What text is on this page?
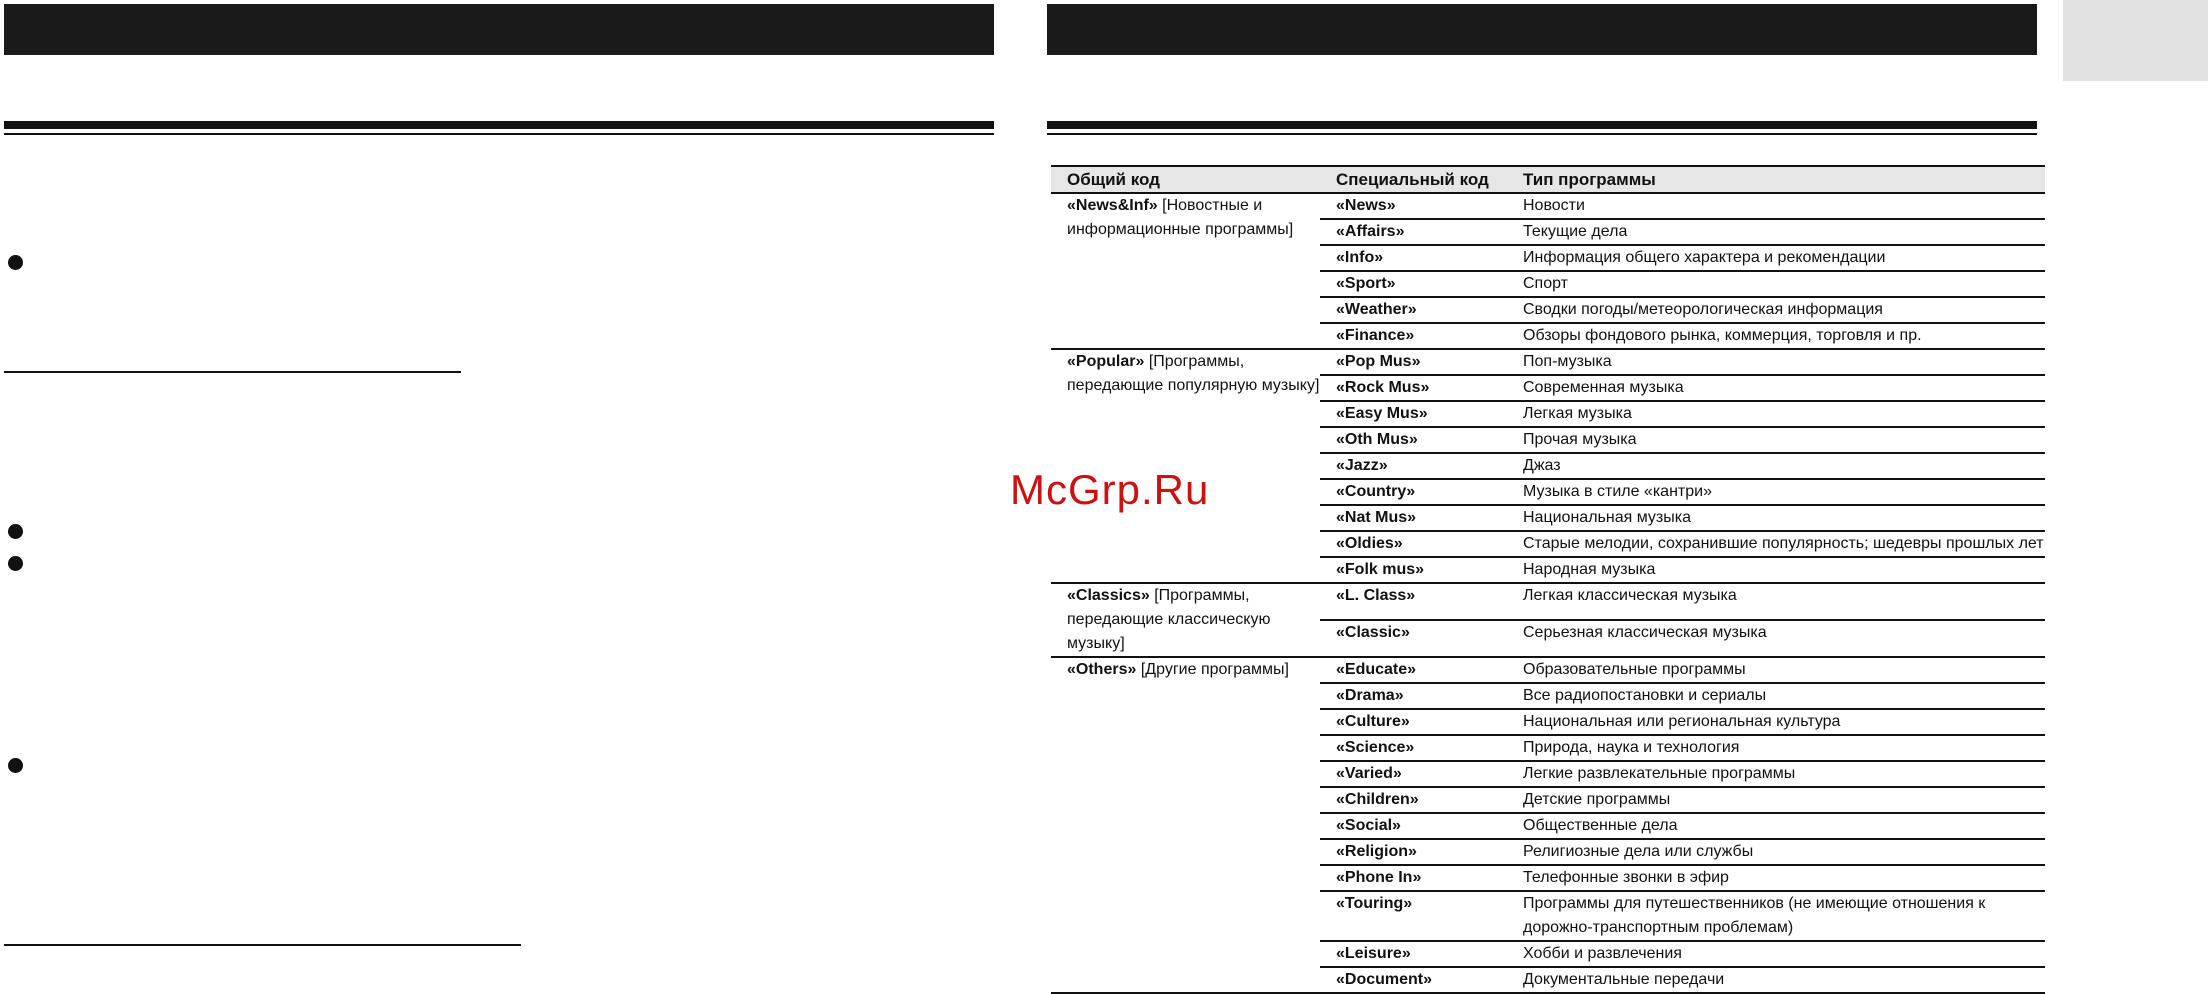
McGrp.Ru
Общий код	Специальный код	Тип программы
«News&Inf» [Новостные и информационные программы]	«News»	Новости
	«Affairs»	Текущие дела
	«Info»	Информация общего характера и рекомендации
	«Sport»	Спорт
	«Weather»	Сводки погоды/метеорологическая информация
	«Finance»	Обзоры фондового рынка, коммерция, торговля и пр.
«Popular» [Программы, передающие популярную музыку]	«Pop Mus»	Поп-музыка
	«Rock Mus»	Современная музыка
	«Easy Mus»	Легкая музыка
	«Oth Mus»	Прочая музыка
	«Jazz»	Джаз
	«Country»	Музыка в стиле «кантри»
	«Nat Mus»	Национальная музыка
	«Oldies»	Старые мелодии, сохранившие популярность; шедевры прошлых лет
	«Folk mus»	Народная музыка
«Classics» [Программы, передающие классическую музыку]	«L. Class»	Легкая классическая музыка
	«Classic»	Серьезная классическая музыка
«Others» [Другие программы]	«Educate»	Образовательные программы
	«Drama»	Все радиопостановки и сериалы
	«Culture»	Национальная или региональная культура
	«Science»	Природа, наука и технология
	«Varied»	Легкие развлекательные программы
	«Children»	Детские программы
	«Social»	Общественные дела
	«Religion»	Религиозные дела или службы
	«Phone In»	Телефонные звонки в эфир
	«Touring»	Программы для путешественников (не имеющие отношения к дорожно-транспортным проблемам)
	«Leisure»	Хобби и развлечения
	«Document»	Документальные передачи
